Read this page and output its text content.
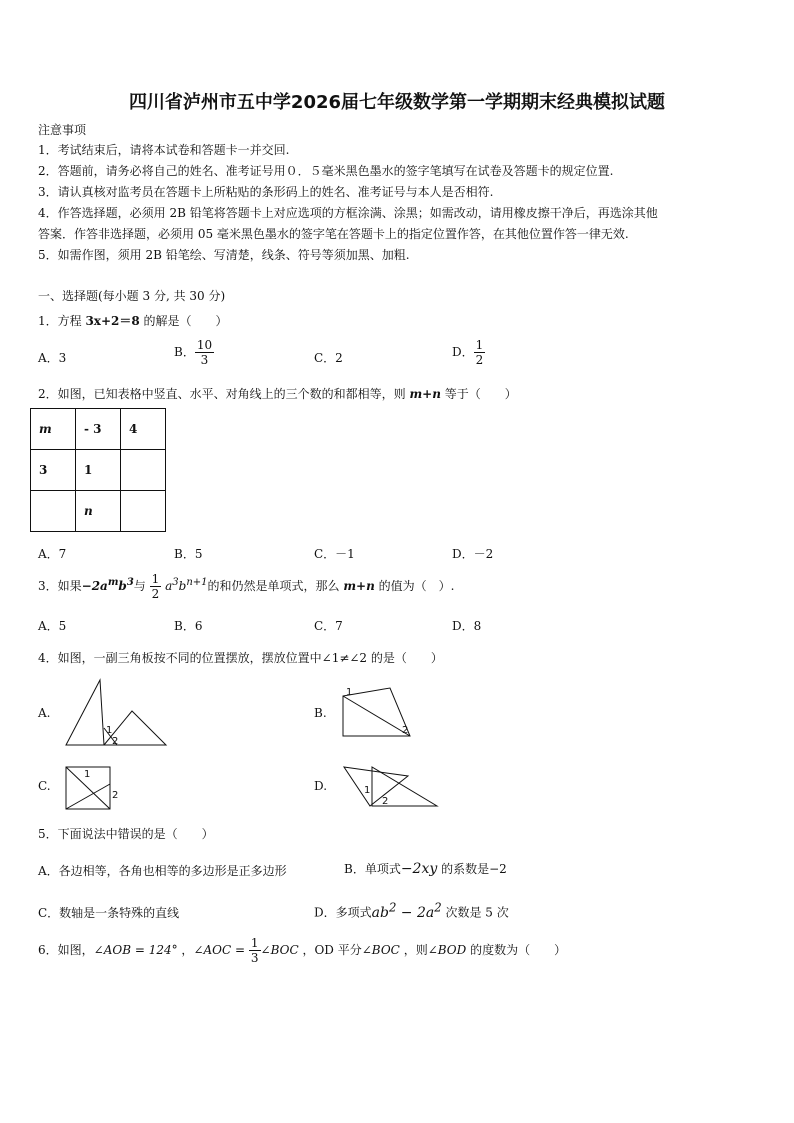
四川省泸州市五中学2026届七年级数学第一学期期末经典模拟试题
注意事项
1．考试结束后，请将本试卷和答题卡一并交回.
2．答题前，请务必将自己的姓名、准考证号用０．５毫米黑色墨水的签字笔填写在试卷及答题卡的规定位置.
3．请认真核对监考员在答题卡上所粘贴的条形码上的姓名、准考证号与本人是否相符.
4．作答选择题，必须用 2B 铅笔将答题卡上对应选项的方框涂满、涂黑；如需改动，请用橡皮擦干净后，再选涂其他
答案．作答非选择题，必须用 05 毫米黑色墨水的签字笔在答题卡上的指定位置作答，在其他位置作答一律无效.
5．如需作图，须用 2B 铅笔绘、写清楚，线条、符号等须加黑、加粗.
一、选择题(每小题 3 分, 共 30 分)
1．方程 3x+2＝8 的解是（　　）
A．3	B． $\frac{10}{3}$	C．2	D． $\frac{1}{2}$
2．如图，已知表格中竖直、水平、对角线上的三个数的和都相等，则 m+n 等于（　　）
m	- 3	4
3	1	
	n	
A．7	B．5	C．－1	D．－2
3．如果$-2a^mb^3$与 $\frac{1}{2} a^3b^{n+1}$的和仍然是单项式，那么 m+n 的值为（　）.
A．5	B．6	C．7	D．8
4．如图，一副三角板按不同的位置摆放，摆放位置中∠1≠∠2 的是（　　）
A.
1
2
B.
1
2
C.
1
2
D.	1
2
5．下面说法中错误的是（　　）
A．各边相等，各角也相等的多边形是正多边形	B．单项式−2xy 的系数是−2
C．数轴是一条特殊的直线	D．多项式$ab^2 - 2a^2$ 次数是 5 次
6．如图，∠AOB = 124° ，∠AOC = $\frac{1}{3}$ ∠BOC ，OD 平分∠BOC ，则∠BOD 的度数为（　　）
